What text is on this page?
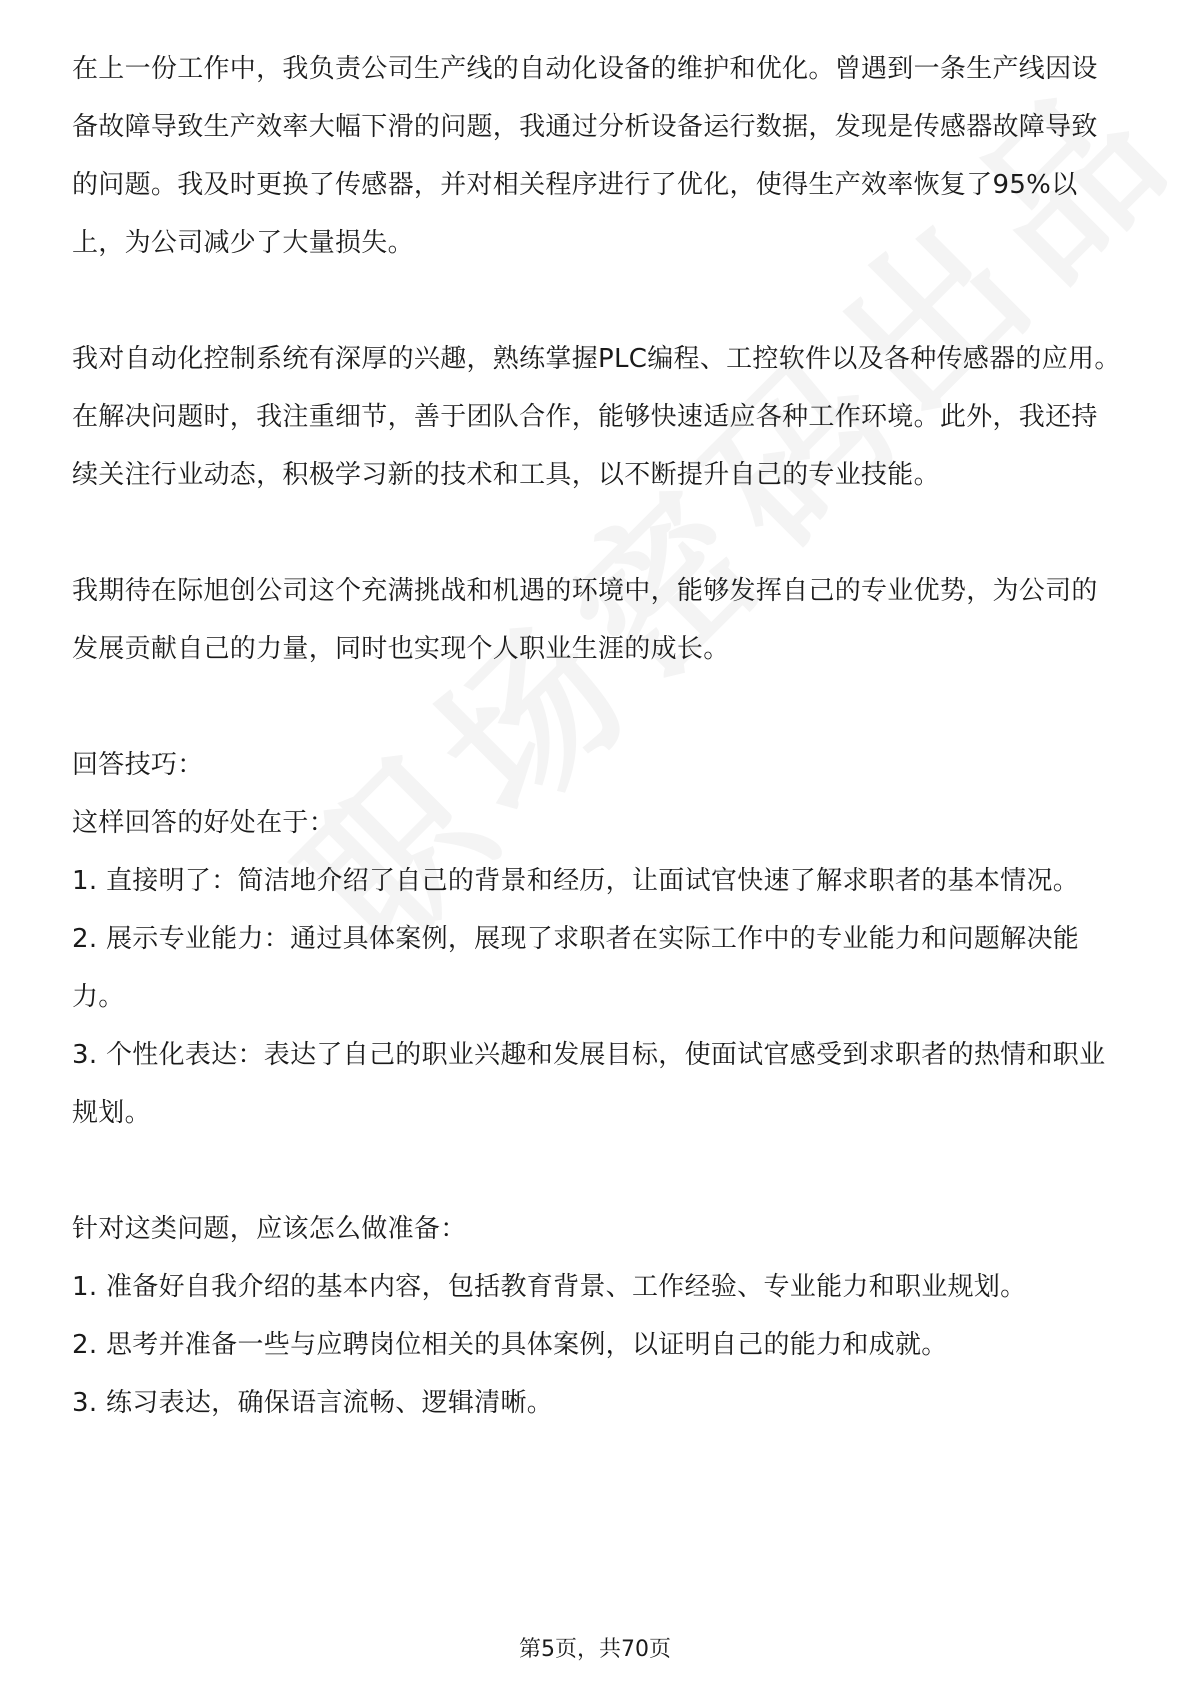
在上一份工作中，我负责公司生产线的自动化设备的维护和优化。曾遇到一条生产线因设备故障导致生产效率大幅下滑的问题，我通过分析设备运行数据，发现是传感器故障导致的问题。我及时更换了传感器，并对相关程序进行了优化，使得生产效率恢复了95%以上，为公司减少了大量损失。

我对自动化控制系统有深厚的兴趣，熟练掌握PLC编程、工控软件以及各种传感器的应用。在解决问题时，我注重细节，善于团队合作，能够快速适应各种工作环境。此外，我还持续关注行业动态，积极学习新的技术和工具，以不断提升自己的专业技能。

我期待在际旭创公司这个充满挑战和机遇的环境中，能够发挥自己的专业优势，为公司的发展贡献自己的力量，同时也实现个人职业生涯的成长。

回答技巧：

这样回答的好处在于：

1. 直接明了：简洁地介绍了自己的背景和经历，让面试官快速了解求职者的基本情况。

2. 展示专业能力：通过具体案例，展现了求职者在实际工作中的专业能力和问题解决能力。

3. 个性化表达：表达了自己的职业兴趣和发展目标，使面试官感受到求职者的热情和职业规划。

针对这类问题，应该怎么做准备：

1. 准备好自我介绍的基本内容，包括教育背景、工作经验、专业能力和职业规划。

2. 思考并准备一些与应聘岗位相关的具体案例，以证明自己的能力和成就。

3. 练习表达，确保语言流畅、逻辑清晰。

第5页，共70页
